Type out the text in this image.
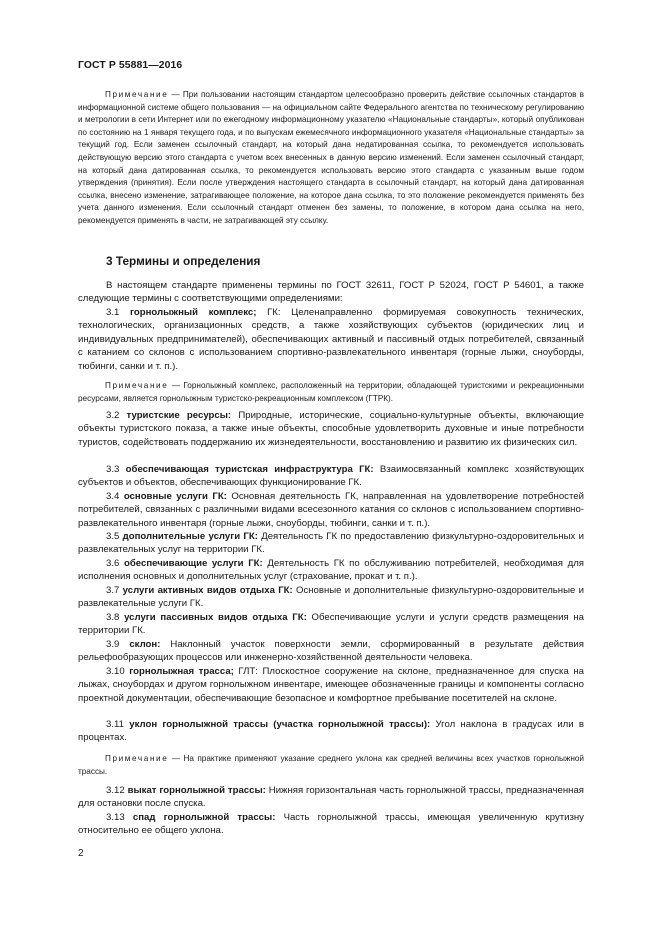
ГОСТ Р 55881—2016

Примечание — При пользовании настоящим стандартом целесообразно проверить действие ссылочных стандартов в информационной системе общего пользования — на официальном сайте Федерального агентства по техническому регулированию и метрологии в сети Интернет или по ежегодному информационному указателю «Национальные стандарты», который опубликован по состоянию на 1 января текущего года, и по выпускам ежемесячного информационного указателя «Национальные стандарты» за текущий год. Если заменен ссылочный стандарт, на который дана недатированная ссылка, то рекомендуется использовать действующую версию этого стандарта с учетом всех внесенных в данную версию изменений. Если заменен ссылочный стандарт, на который дана датированная ссылка, то рекомендуется использовать версию этого стандарта с указанным выше годом утверждения (принятия). Если после утверждения настоящего стандарта в ссылочный стандарт, на который дана датированная ссылка, внесено изменение, затрагивающее положение, на которое дана ссылка, то это положение рекомендуется применять без учета данного изменения. Если ссылочный стандарт отменен без замены, то положение, в котором дана ссылка на него, рекомендуется применять в части, не затрагивающей эту ссылку.

3 Термины и определения

В настоящем стандарте применены термины по ГОСТ 32611, ГОСТ Р 52024, ГОСТ Р 54601, а также следующие термины с соответствующими определениями:

3.1 горнолыжный комплекс; ГК: Целенаправленно формируемая совокупность технических, технологических, организационных средств, а также хозяйствующих субъектов (юридических лиц и индивидуальных предпринимателей), обеспечивающих активный и пассивный отдых потребителей, связанный с катанием со склонов с использованием спортивно-развлекательного инвентаря (горные лыжи, сноуборды, тюбинги, санки и т. п.).

Примечание — Горнолыжный комплекс, расположенный на территории, обладающей туристскими и рекреационными ресурсами, является горнолыжным туристско-рекреационным комплексом (ГТРК).

3.2 туристские ресурсы: Природные, исторические, социально-культурные объекты, включающие объекты туристского показа, а также иные объекты, способные удовлетворить духовные и иные потребности туристов, содействовать поддержанию их жизнедеятельности, восстановлению и развитию их физических сил.

3.3 обеспечивающая туристская инфраструктура ГК: Взаимосвязанный комплекс хозяйствующих субъектов и объектов, обеспечивающих функционирование ГК.

3.4 основные услуги ГК: Основная деятельность ГК, направленная на удовлетворение потребностей потребителей, связанных с различными видами всесезонного катания со склонов с использованием спортивно-развлекательного инвентаря (горные лыжи, сноуборды, тюбинги, санки и т. п.).

3.5 дополнительные услуги ГК: Деятельность ГК по предоставлению физкультурно-оздоровительных и развлекательных услуг на территории ГК.

3.6 обеспечивающие услуги ГК: Деятельность ГК по обслуживанию потребителей, необходимая для исполнения основных и дополнительных услуг (страхование, прокат и т. п.).

3.7 услуги активных видов отдыха ГК: Основные и дополнительные физкультурно-оздоровительные и развлекательные услуги ГК.

3.8 услуги пассивных видов отдыха ГК: Обеспечивающие услуги и услуги средств размещения на территории ГК.

3.9 склон: Наклонный участок поверхности земли, сформированный в результате действия рельефообразующих процессов или инженерно-хозяйственной деятельности человека.

3.10 горнолыжная трасса; ГЛТ: Плоскостное сооружение на склоне, предназначенное для спуска на лыжах, сноубордах и другом горнолыжном инвентаре, имеющее обозначенные границы и компоненты согласно проектной документации, обеспечивающие безопасное и комфортное пребывание посетителей на склоне.

3.11 уклон горнолыжной трассы (участка горнолыжной трассы): Угол наклона в градусах или в процентах.

Примечание — На практике применяют указание среднего уклона как средней величины всех участков горнолыжной трассы.

3.12 выкат горнолыжной трассы: Нижняя горизонтальная часть горнолыжной трассы, предназначенная для остановки после спуска.

3.13 спад горнолыжной трассы: Часть горнолыжной трассы, имеющая увеличенную крутизну относительно ее общего уклона.

2
